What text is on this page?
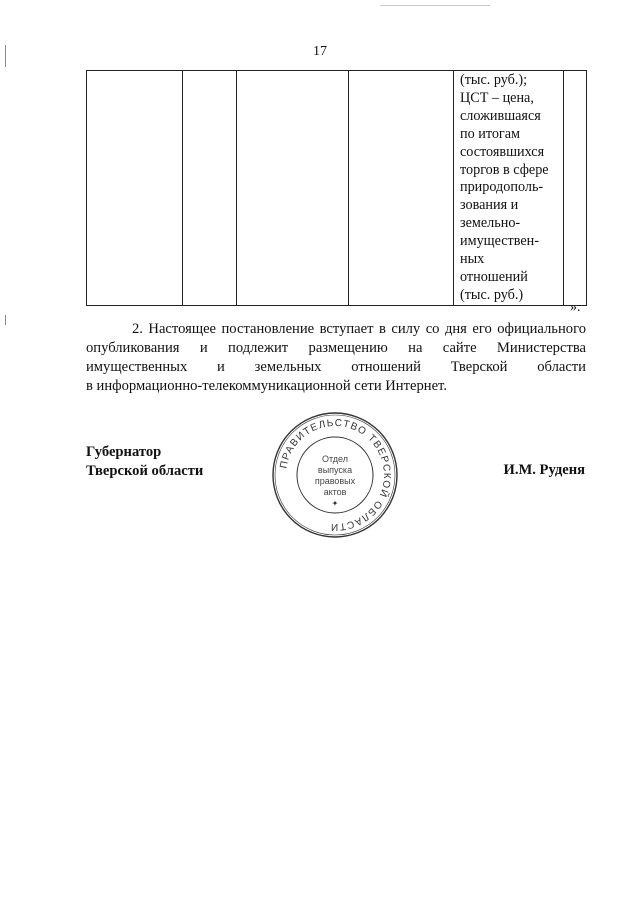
17

(тыс. руб.);
ЦСТ – цена,
сложившаяся
по итогам
состоявшихся
торгов в сфере
природополь-
зования и
земельно-
имуществен-
ных
отношений
(тыс. руб.)

».
2. Настоящее постановление вступает в силу со дня его официального
опубликования и подлежит размещению на сайте Министерства
имущественных и земельных отношений Тверской области
в информационно-телекоммуникационной сети Интернет.
Губернатор
Тверской области	ПРАВИТЕЛЬСТВО ТВЕРСКОЙ ОБЛАСТИ
Отдел выпуска правовых актов
✦
И.М. Руденя
